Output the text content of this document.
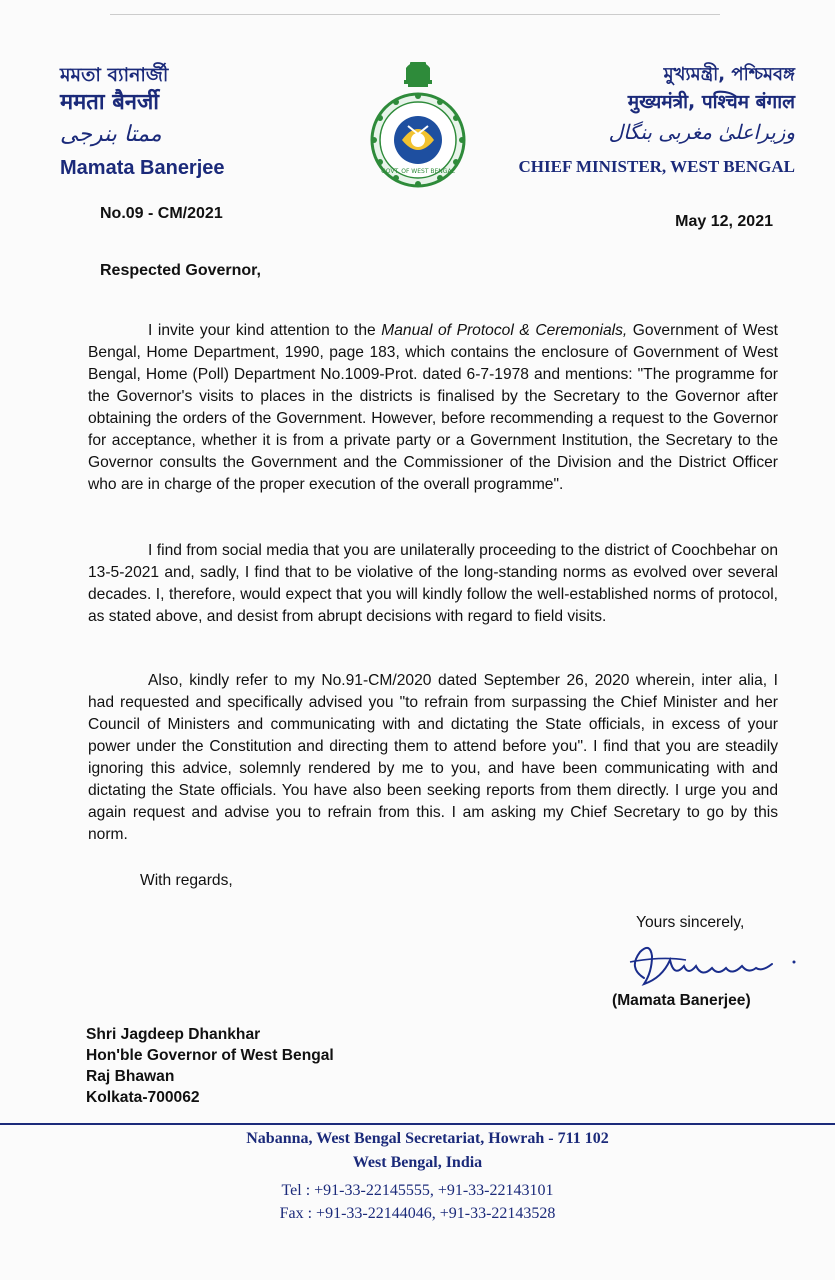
মমতা ব্যানার্জী
ममता बैनर्जी
ممتا بنرجی
Mamata Banerjee	GOVT. OF WEST BENGAL
মুখ্যমন্ত্রী, পশ্চিমবঙ্গ
मुख्यमंत्री, पश्चिम बंगाल
وزیراعلیٰ مغربی بنگال
CHIEF MINISTER, WEST BENGAL
No.09 - CM/2021	May 12, 2021
Respected Governor,
I invite your kind attention to the Manual of Protocol & Ceremonials, Government of West Bengal, Home Department, 1990, page 183, which contains the enclosure of Government of West Bengal, Home (Poll) Department No.1009-Prot. dated 6-7-1978 and mentions: "The programme for the Governor's visits to places in the districts is finalised by the Secretary to the Governor after obtaining the orders of the Government. However, before recommending a request to the Governor for acceptance, whether it is from a private party or a Government Institution, the Secretary to the Governor consults the Government and the Commissioner of the Division and the District Officer who are in charge of the proper execution of the overall programme".
I find from social media that you are unilaterally proceeding to the district of Coochbehar on 13-5-2021 and, sadly, I find that to be violative of the long-standing norms as evolved over several decades. I, therefore, would expect that you will kindly follow the well-established norms of protocol, as stated above, and desist from abrupt decisions with regard to field visits.
Also, kindly refer to my No.91-CM/2020 dated September 26, 2020 wherein, inter alia, I had requested and specifically advised you "to refrain from surpassing the Chief Minister and her Council of Ministers and communicating with and dictating the State officials, in excess of your power under the Constitution and directing them to attend before you". I find that you are steadily ignoring this advice, solemnly rendered by me to you, and have been communicating with and dictating the State officials. You have also been seeking reports from them directly. I urge you and again request and advise you to refrain from this. I am asking my Chief Secretary to go by this norm.
With regards,
Yours sincerely,
(Mamata Banerjee)
Shri Jagdeep Dhankhar
Hon'ble Governor of West Bengal
Raj Bhawan
Kolkata-700062
Nabanna, West Bengal Secretariat, Howrah - 711 102
West Bengal, India
Tel : +91-33-22145555, +91-33-22143101
Fax : +91-33-22144046, +91-33-22143528
